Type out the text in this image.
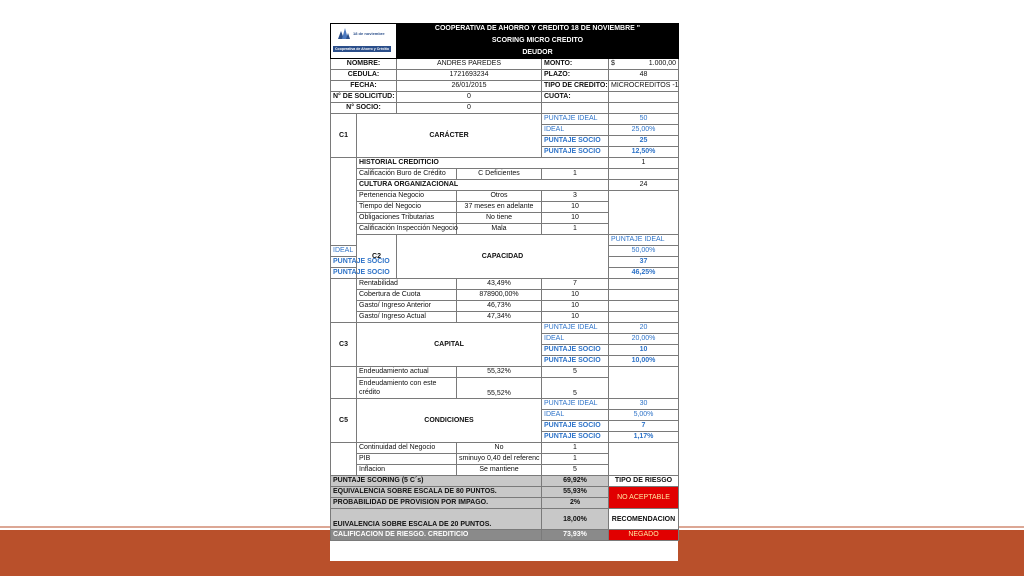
18 de noviembre
Cooperativa de Ahorro y Crédito		COOPERATIVA DE AHORRO Y CREDITO 18 DE NOVIEMBRE "				
		SCORING MICRO CREDITO				
		DEUDOR				
NOMBRE:		ANDRES PAREDES		MONTO:	$ 1.000,00	

CEDULA:		1721693234		PLAZO:	48	
FECHA:		26/01/2015		TIPO DE CREDITO:	MICROCREDITOS -1	
N° DE SOLICITUD:		0		CUOTA:		
N° SOCIO:		0				
C1	CARÁCTER			PUNTAJE IDEAL	50	
				IDEAL	25,00%	
				PUNTAJE SOCIO	25	
				PUNTAJE SOCIO	12,50%	
	HISTORIAL CREDITICIO				1	
	Calificación Buro de Crédito		C Deficientes	1		
	CULTURA ORGANIZACIONAL				24	
	Pertenencia Negocio		Otros	3		
	Tiempo del Negocio		37 meses en adelante	10		
	Obligaciones Tributarias		No tiene	10		
	Calificación Inspección Negocio		Mala	1		
	C2	CAPACIDAD			PUNTAJE IDEAL	
IDEAL					50,00%	
PUNTAJE SOCIO					37	
PUNTAJE SOCIO					46,25%	
	Rentabilidad		43,49%	7		
	Cobertura de Cuota		878900,00%	10		
	Gasto/ Ingreso Anterior		46,73%	10		
	Gasto/ Ingreso Actual		47,34%	10		
C3	CAPITAL			PUNTAJE IDEAL	20	
				IDEAL	20,00%	
				PUNTAJE SOCIO	10	
				PUNTAJE SOCIO	10,00%	
	Endeudamiento actual		55,32%	5		
	Endeudamiento con este
crédito		55,52%	5		
C5	CONDICIONES			PUNTAJE IDEAL	30	
				IDEAL	5,00%	
				PUNTAJE SOCIO	7	
				PUNTAJE SOCIO	1,17%	
	Continuidad del Negocio		No	1		
	PIB		sminuyo 0,40 del referenc	1		
	Inflacion		Se mantiene	5		
PUNTAJE SCORING (5 C´s)				69,92%	TIPO DE RIESGO	
EQUIVALENCIA SOBRE ESCALA DE 80 PUNTOS.				55,93%	NO ACEPTABLE	
PROBABILIDAD DE PROVISION POR IMPAGO.				2%		
EUIVALENCIA SOBRE ESCALA DE 20 PUNTOS.				18,00%	RECOMENDACION	
CALIFICACION DE RIESGO. CREDITICIO				73,93%	NEGADO	
